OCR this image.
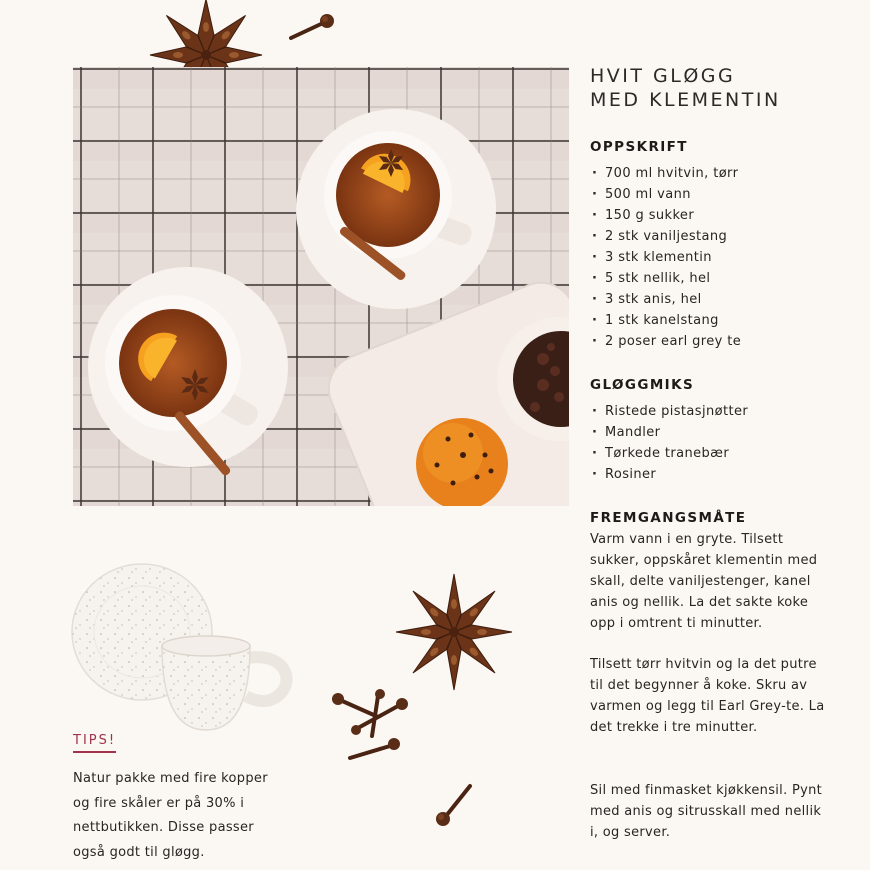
HVIT GLØGG
MED KLEMENTIN
OPPSKRIFT
· 700 ml hvitvin, tørr
· 500 ml vann
· 150 g sukker
· 2 stk vaniljestang
· 3 stk klementin
· 5 stk nellik, hel
· 3 stk anis, hel
· 1 stk kanelstang
· 2 poser earl grey te
GLØGGMIKS
· Ristede pistasjnøtter
· Mandler
· Tørkede tranebær
· Rosiner
FREMGANGSMÅTE

Varm vann i en gryte. Tilsett sukker, oppskåret klementin med skall, delte vaniljestenger, kanel anis og nellik. La det sakte koke opp i omtrent ti minutter.

Tilsett tørr hvitvin og la det putre til det begynner å koke. Skru av varmen og legg til Earl Grey-te. La det trekke i tre minutter.

Sil med finmasket kjøkkensil. Pynt med anis og sitrusskall med nellik i, og server.

TIPS!

Natur pakke med fire kopper og fire skåler er på 30% i nettbutikken. Disse passer også godt til gløgg.
